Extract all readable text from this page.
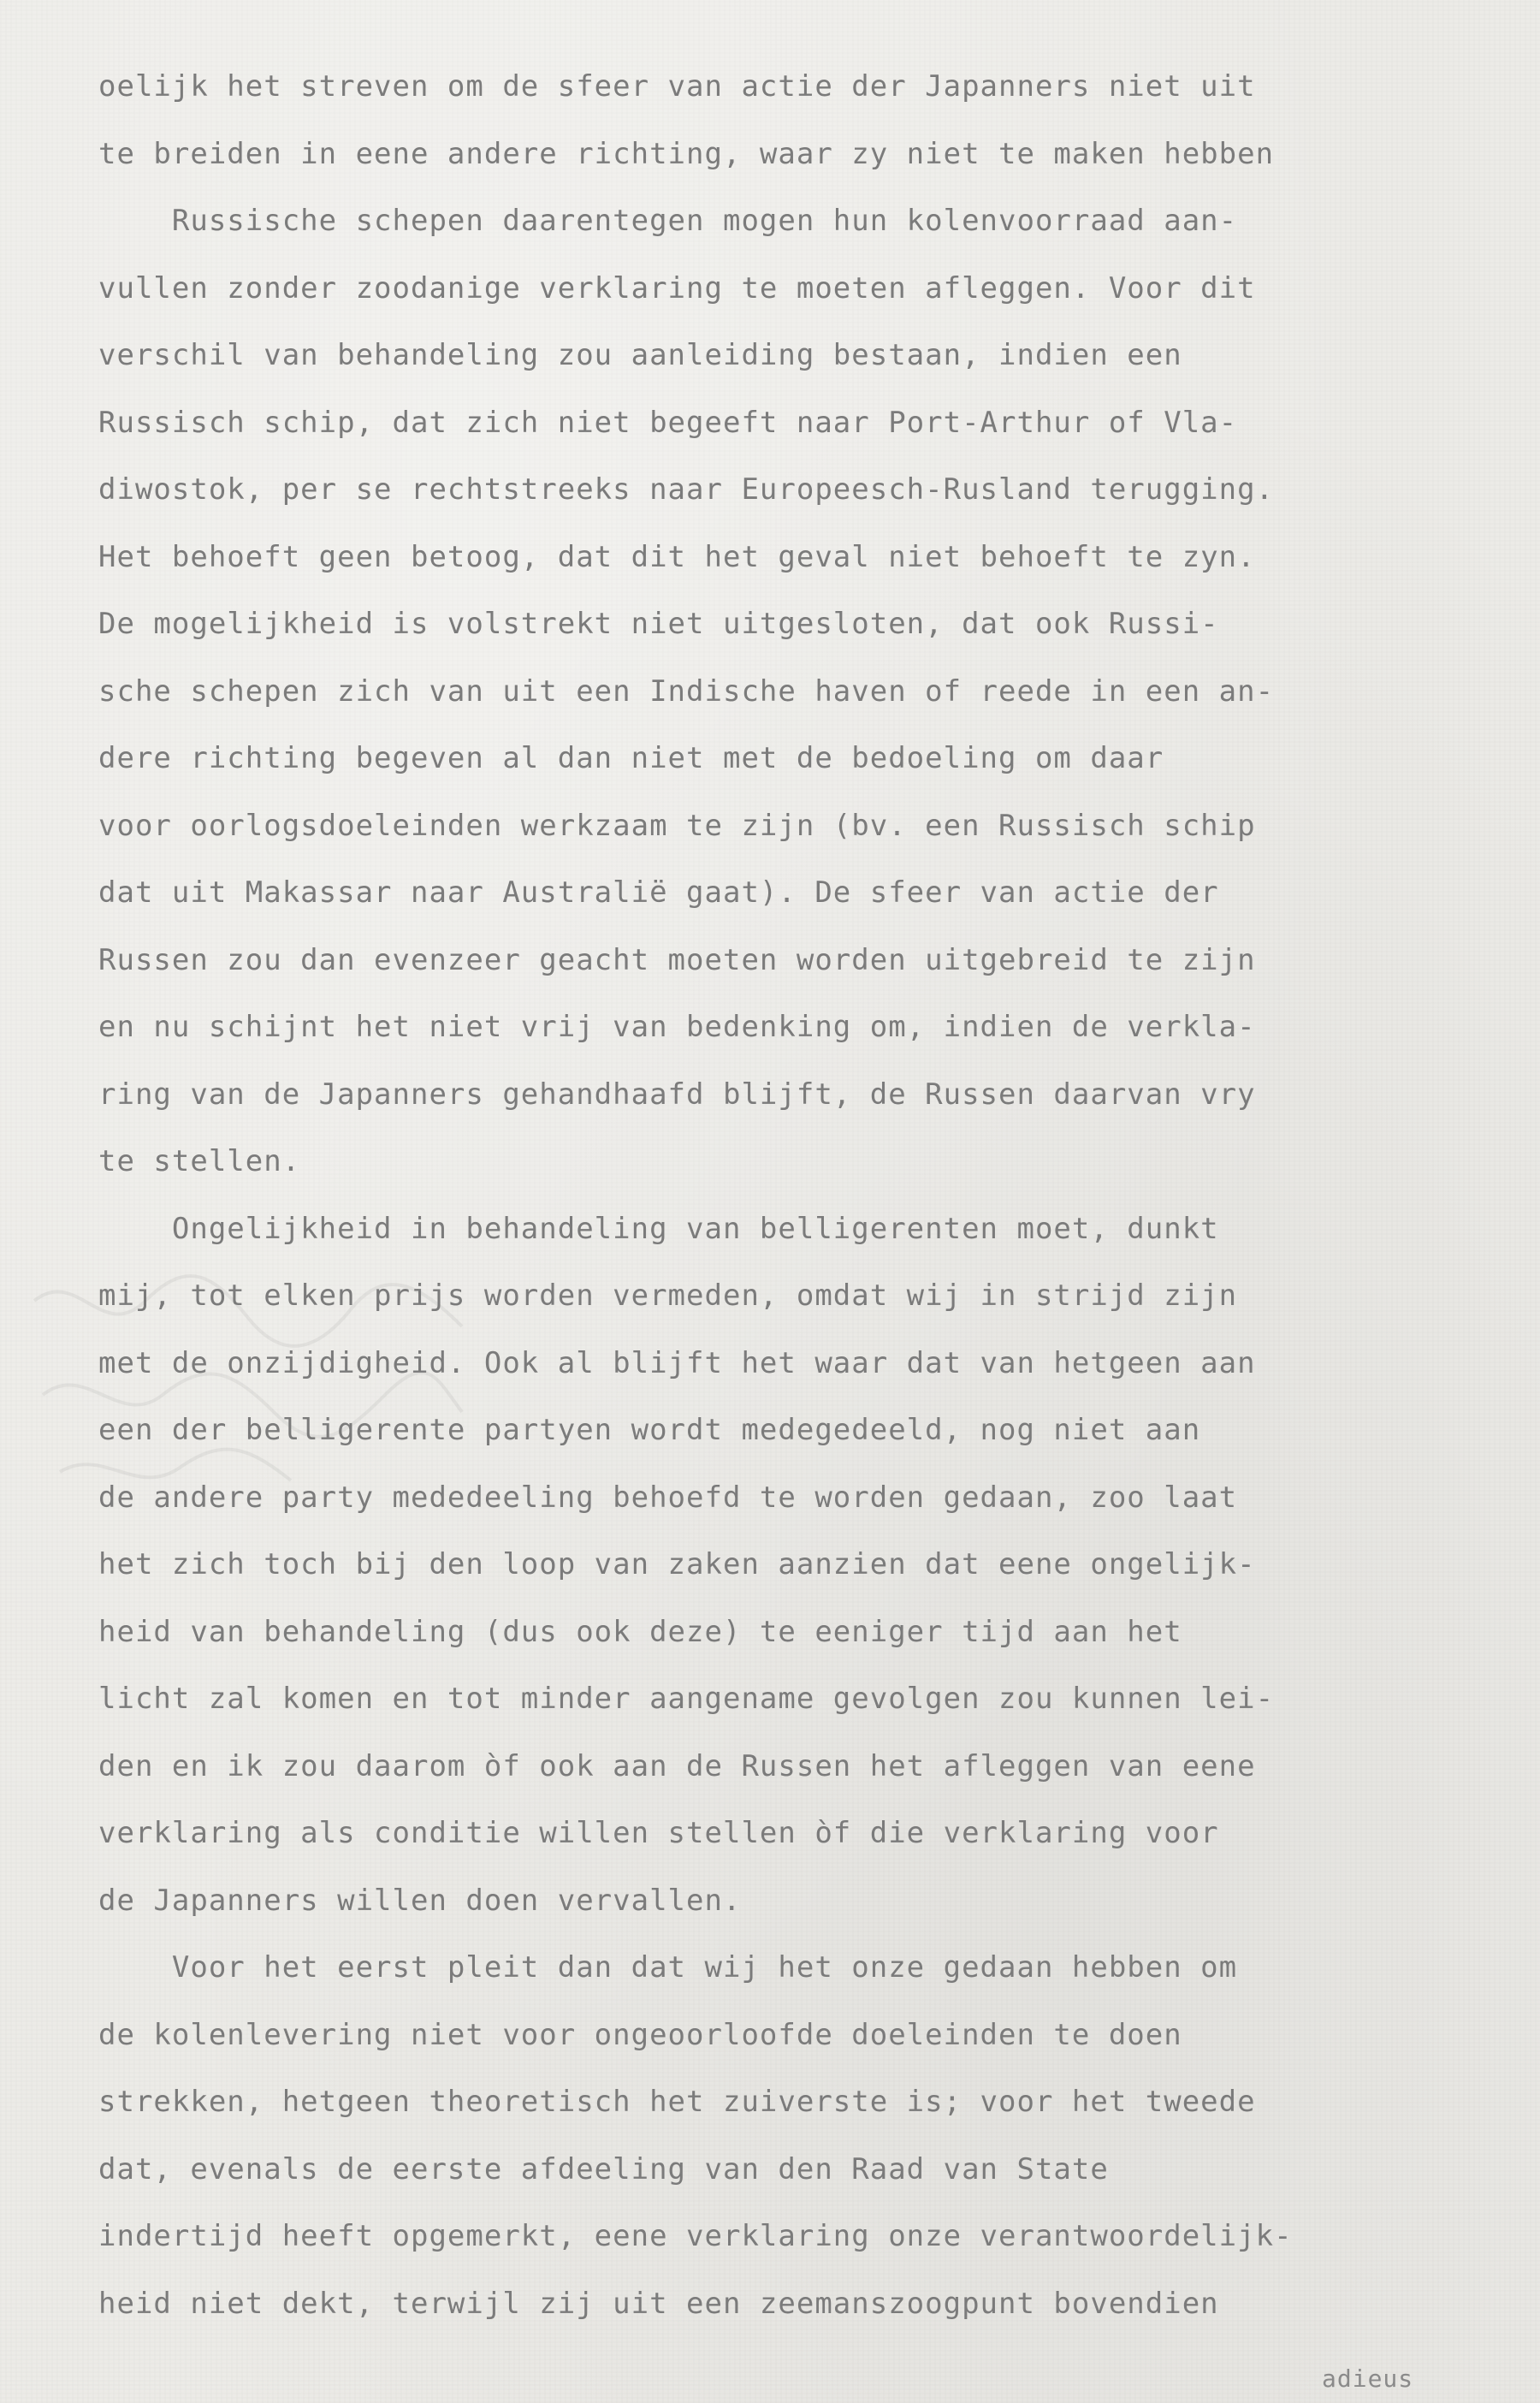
oelijk het streven om de sfeer van actie der Japanners niet uit
te breiden in eene andere richting, waar zy niet te maken hebben
Russische schepen daarentegen mogen hun kolenvoorraad aan-
vullen zonder zoodanige verklaring te moeten afleggen. Voor dit
verschil van behandeling zou aanleiding bestaan, indien een
Russisch schip, dat zich niet begeeft naar Port-Arthur of Vla-
diwostok, per se rechtstreeks naar Europeesch-Rusland terugging.
Het behoeft geen betoog, dat dit het geval niet behoeft te zyn.
De mogelijkheid is volstrekt niet uitgesloten, dat ook Russi-
sche schepen zich van uit een Indische haven of reede in een an-
dere richting begeven al dan niet met de bedoeling om daar
voor oorlogsdoeleinden werkzaam te zijn (bv. een Russisch schip
dat uit Makassar naar Australië gaat). De sfeer van actie der
Russen zou dan evenzeer geacht moeten worden uitgebreid te zijn
en nu schijnt het niet vrij van bedenking om, indien de verkla-
ring van de Japanners gehandhaafd blijft, de Russen daarvan vry
te stellen.
Ongelijkheid in behandeling van belligerenten moet, dunkt
mij, tot elken prijs worden vermeden, omdat wij in strijd zijn
met de onzijdigheid. Ook al blijft het waar dat van hetgeen aan
een der belligerente partyen wordt medegedeeld, nog niet aan
de andere party mededeeling behoefd te worden gedaan, zoo laat
het zich toch bij den loop van zaken aanzien dat eene ongelijk-
heid van behandeling (dus ook deze) te eeniger tijd aan het
licht zal komen en tot minder aangename gevolgen zou kunnen lei-
den en ik zou daarom òf ook aan de Russen het afleggen van eene
verklaring als conditie willen stellen òf die verklaring voor
de Japanners willen doen vervallen.
Voor het eerst pleit dan dat wij het onze gedaan hebben om
de kolenlevering niet voor ongeoorloofde doeleinden te doen
strekken, hetgeen theoretisch het zuiverste is; voor het tweede
dat, evenals de eerste afdeeling van den Raad van State
indertijd heeft opgemerkt, eene verklaring onze verantwoordelijk-
heid niet dekt, terwijl zij uit een zeemanszoogpunt bovendien
adieus
